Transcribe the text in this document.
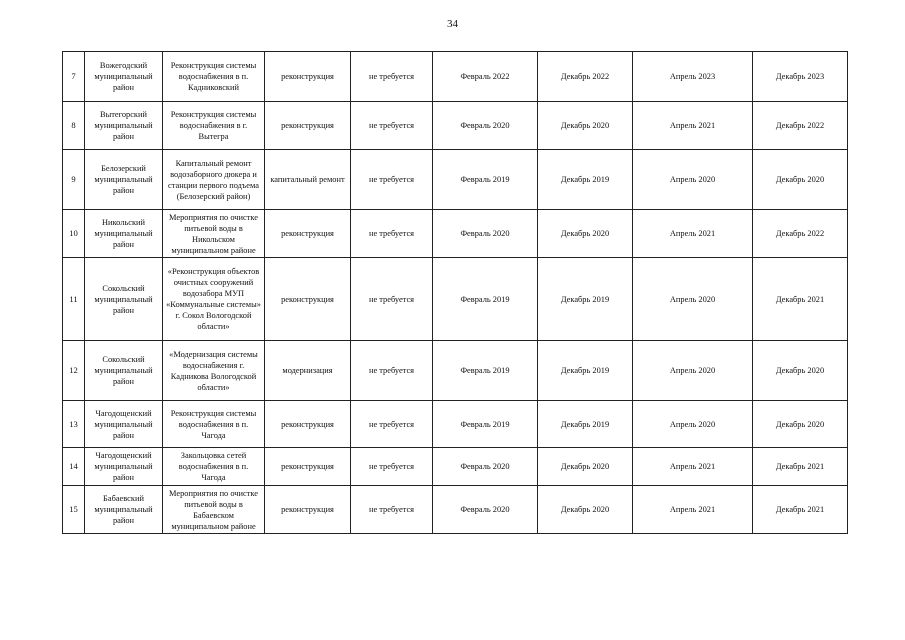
34
7	Вожегодский муниципальный район	Реконструкция системы водоснабжения в п. Кадниковский	реконструкция	не требуется	Февраль 2022	Декабрь 2022	Апрель 2023	Декабрь 2023
8	Вытегорский муниципальный район	Реконструкция системы водоснабжения в г. Вытегра	реконструкция	не требуется	Февраль 2020	Декабрь 2020	Апрель 2021	Декабрь 2022
9	Белозерский муниципальный район	Капитальный ремонт водозаборного дюкера и станции первого подъема (Белозерский район)	капитальный ремонт	не требуется	Февраль 2019	Декабрь 2019	Апрель 2020	Декабрь 2020
10	Никольский муниципальный район	Мероприятия по очистке питьевой воды в Никольском муниципальном районе	реконструкция	не требуется	Февраль 2020	Декабрь 2020	Апрель 2021	Декабрь 2022
11	Сокольский муниципальный район	«Реконструкция объектов очистных сооружений водозабора МУП «Коммунальные системы» г. Сокол Вологодской области»	реконструкция	не требуется	Февраль 2019	Декабрь 2019	Апрель 2020	Декабрь 2021
12	Сокольский муниципальный район	«Модернизация системы водоснабжения г. Кадникова Вологодской области»	модернизация	не требуется	Февраль 2019	Декабрь 2019	Апрель 2020	Декабрь 2020
13	Чагодощенский муниципальный район	Реконструкция системы водоснабжения в п. Чагода	реконструкция	не требуется	Февраль 2019	Декабрь 2019	Апрель 2020	Декабрь 2020
14	Чагодощенский муниципальный район	Закольцовка сетей водоснабжения в п. Чагода	реконструкция	не требуется	Февраль 2020	Декабрь 2020	Апрель 2021	Декабрь 2021
15	Бабаевский муниципальный район	Мероприятия по очистке питьевой воды в Бабаевском муниципальном районе	реконструкция	не требуется	Февраль 2020	Декабрь 2020	Апрель 2021	Декабрь 2021
